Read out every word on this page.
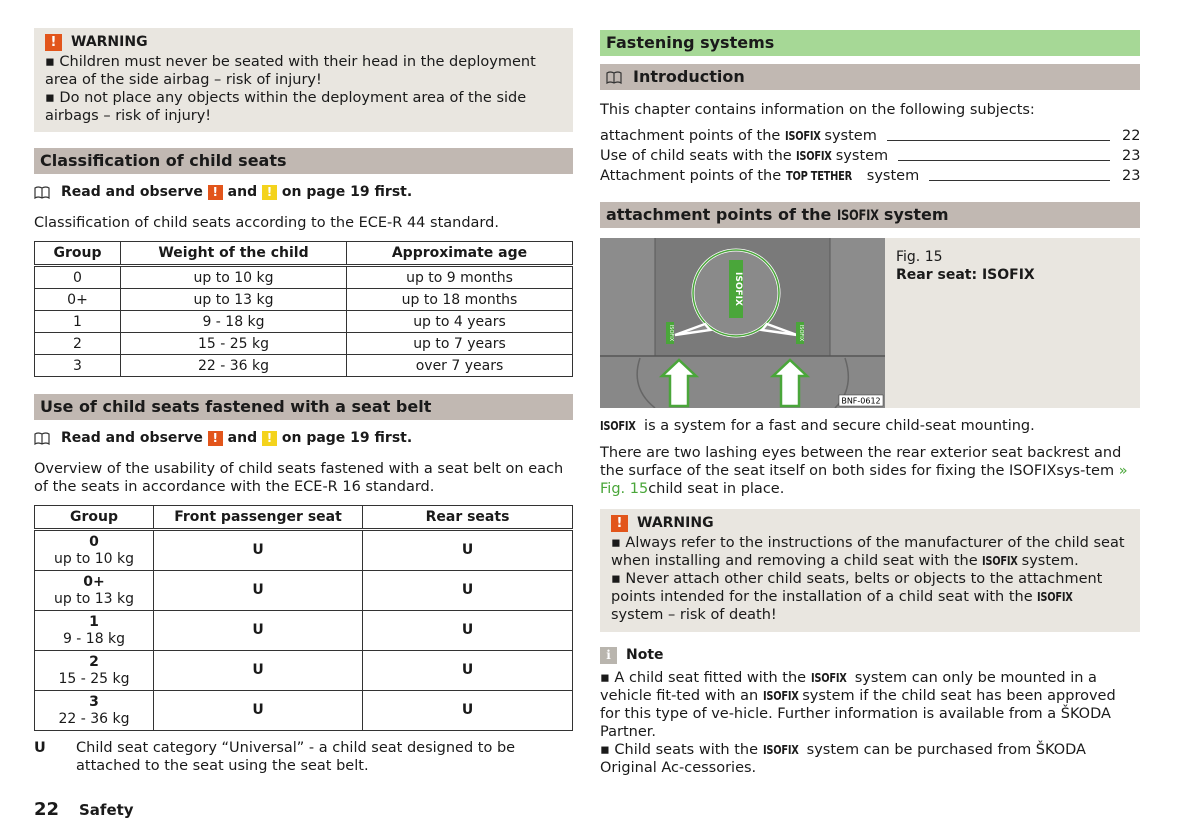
!	WARNING

▪ Children must never be seated with their head in the deployment area of the side airbag – risk of injury!

▪ Do not place any objects within the deployment area of the side airbags – risk of injury!

Classification of child seats
Read and observe
!
and
!
on page 19 first.

Classification of child seats according to the ECE-R 44 standard.

Group	Weight of the child	Approximate age
0	up to 10 kg	up to 9 months
0+	up to 13 kg	up to 18 months
1	9 - 18 kg	up to 4 years
2	15 - 25 kg	up to 7 years
3	22 - 36 kg	over 7 years
Use of child seats fastened with a seat belt
Read and observe
!
and
!
on page 19 first.

Overview of the usability of child seats fastened with a seat belt on each of the seats in accordance with the ECE-R 16 standard.

Group	Front passenger seat	Rear seats
0
up to 10 kg	U	U
0+
up to 13 kg	U	U
1
9 - 18 kg	U	U
2
15 - 25 kg	U	U
3
22 - 36 kg	U	U
U	Child seat category “Universal” - a child seat designed to be attached to the seat using the seat belt.
22	Safety
Fastening systems
Introduction

This chapter contains information on the following subjects:

attachment points of the ISOFIX system	22
Use of child seats with the ISOFIX system	23
Attachment points of the TOP TETHER system	23
attachment points of the ISOFIX system
ISOFIX
ISOFIX	ISOFIX
BNF-0612
Fig. 15
Rear seat: ISOFIX

ISOFIX is a system for a fast and secure child-seat mounting.

There are two lashing eyes between the rear exterior seat backrest and the surface of the seat itself on both sides for fixing the ISOFIXsys-tem » Fig. 15child seat in place.

!	WARNING

▪ Always refer to the instructions of the manufacturer of the child seat when installing and removing a child seat with the ISOFIX system.

▪ Never attach other child seats, belts or objects to the attachment points intended for the installation of a child seat with the ISOFIX system – risk of death!

i	Note

▪ A child seat fitted with the ISOFIX system can only be mounted in a vehicle fit-ted with an ISOFIX system if the child seat has been approved for this type of ve-hicle. Further information is available from a ŠKODA Partner.

▪ Child seats with the ISOFIX system can be purchased from ŠKODA Original Ac-cessories.
